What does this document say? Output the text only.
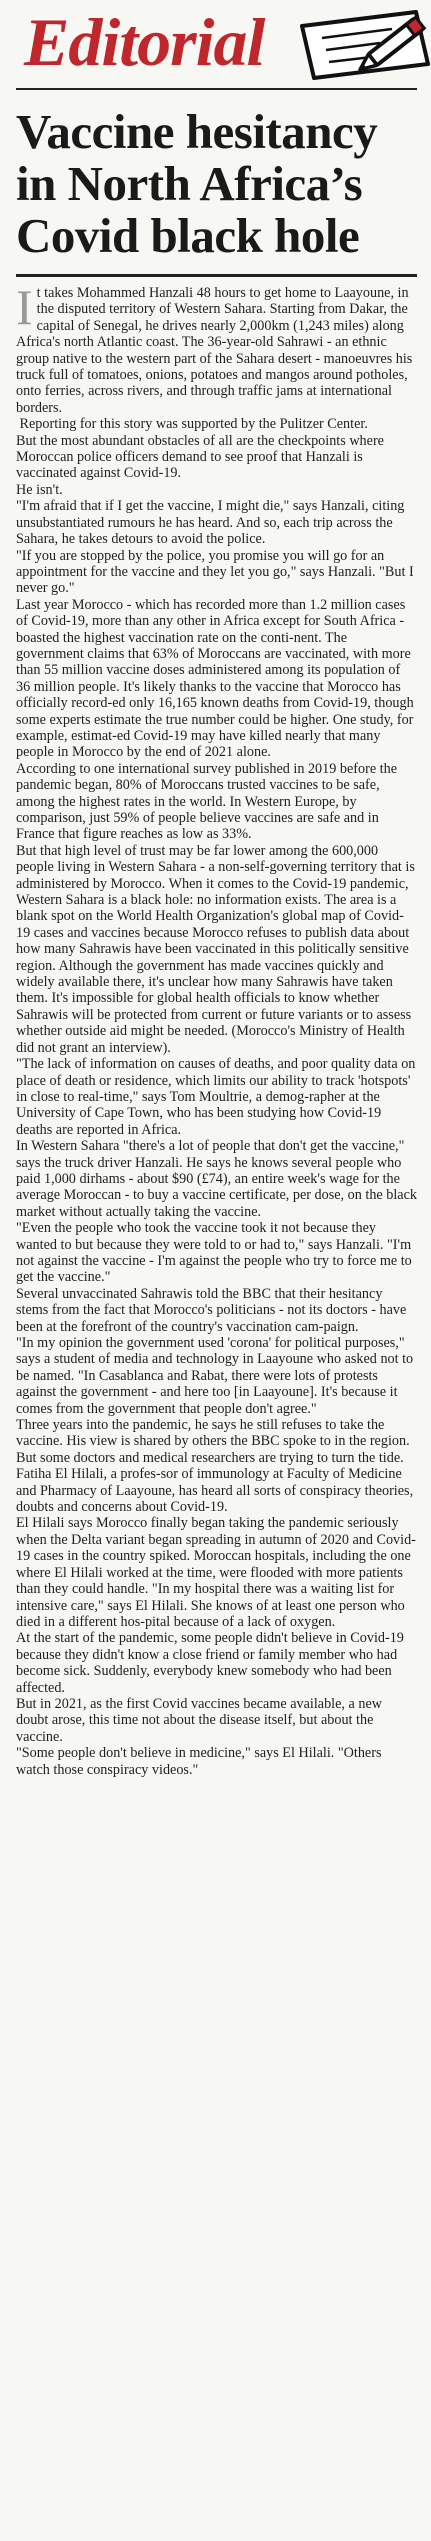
Editorial
Vaccine hesitancy in North Africa’s Covid black hole

It takes Mohammed Hanzali 48 hours to get home to Laayoune, in the disputed territory of Western Sahara. Starting from Dakar, the capital of Senegal, he drives nearly 2,000km (1,243 miles) along Africa's north Atlantic coast. The 36-year-old Sahrawi - an ethnic group native to the western part of the Sahara desert - manoeuvres his truck full of tomatoes, onions, potatoes and mangos around potholes, onto ferries, across rivers, and through traffic jams at international borders.

Reporting for this story was supported by the Pulitzer Center.

But the most abundant obstacles of all are the checkpoints where Moroccan police officers demand to see proof that Hanzali is vaccinated against Covid-19.

He isn't.

"I'm afraid that if I get the vaccine, I might die," says Hanzali, citing unsubstantiated rumours he has heard. And so, each trip across the Sahara, he takes detours to avoid the police.

"If you are stopped by the police, you promise you will go for an appointment for the vaccine and they let you go," says Hanzali. "But I never go."

Last year Morocco - which has recorded more than 1.2 million cases of Covid-19, more than any other in Africa except for South Africa - boasted the highest vaccination rate on the conti-nent. The government claims that 63% of Moroccans are vaccinated, with more than 55 million vaccine doses administered among its population of 36 million people. It's likely thanks to the vaccine that Morocco has officially record-ed only 16,165 known deaths from Covid-19, though some experts estimate the true number could be higher. One study, for example, estimat-ed Covid-19 may have killed nearly that many people in Morocco by the end of 2021 alone.

According to one international survey published in 2019 before the pandemic began, 80% of Moroccans trusted vaccines to be safe, among the highest rates in the world. In Western Europe, by comparison, just 59% of people believe vaccines are safe and in France that figure reaches as low as 33%.

But that high level of trust may be far lower among the 600,000 people living in Western Sahara - a non-self-governing territory that is administered by Morocco. When it comes to the Covid-19 pandemic, Western Sahara is a black hole: no information exists. The area is a blank spot on the World Health Organization's global map of Covid-19 cases and vaccines because Morocco refuses to publish data about how many Sahrawis have been vaccinated in this politically sensitive region. Although the government has made vaccines quickly and widely available there, it's unclear how many Sahrawis have taken them. It's impossible for global health officials to know whether Sahrawis will be protected from current or future variants or to assess whether outside aid might be needed. (Morocco's Ministry of Health did not grant an interview).

"The lack of information on causes of deaths, and poor quality data on place of death or residence, which limits our ability to track 'hotspots' in close to real-time," says Tom Moultrie, a demog-rapher at the University of Cape Town, who has been studying how Covid-19 deaths are reported in Africa.

In Western Sahara "there's a lot of people that don't get the vaccine," says the truck driver Hanzali. He says he knows several people who paid 1,000 dirhams - about $90 (£74), an entire week's wage for the average Moroccan - to buy a vaccine certificate, per dose, on the black market without actually taking the vaccine.

"Even the people who took the vaccine took it not because they wanted to but because they were told to or had to," says Hanzali. "I'm not against the vaccine - I'm against the people who try to force me to get the vaccine."

Several unvaccinated Sahrawis told the BBC that their hesitancy stems from the fact that Morocco's politicians - not its doctors - have been at the forefront of the country's vaccination cam-paign.

"In my opinion the government used 'corona' for political purposes," says a student of media and technology in Laayoune who asked not to be named. "In Casablanca and Rabat, there were lots of protests against the government - and here too [in Laayoune]. It's because it comes from the government that people don't agree."

Three years into the pandemic, he says he still refuses to take the vaccine. His view is shared by others the BBC spoke to in the region.

But some doctors and medical researchers are trying to turn the tide. Fatiha El Hilali, a profes-sor of immunology at Faculty of Medicine and Pharmacy of Laayoune, has heard all sorts of conspiracy theories, doubts and concerns about Covid-19.

El Hilali says Morocco finally began taking the pandemic seriously when the Delta variant began spreading in autumn of 2020 and Covid-19 cases in the country spiked. Moroccan hospitals, including the one where El Hilali worked at the time, were flooded with more patients than they could handle. "In my hospital there was a waiting list for intensive care," says El Hilali. She knows of at least one person who died in a different hos-pital because of a lack of oxygen.

At the start of the pandemic, some people didn't believe in Covid-19 because they didn't know a close friend or family member who had become sick. Suddenly, everybody knew somebody who had been affected.

But in 2021, as the first Covid vaccines became available, a new doubt arose, this time not about the disease itself, but about the vaccine.

"Some people don't believe in medicine," says El Hilali. "Others watch those conspiracy videos."
